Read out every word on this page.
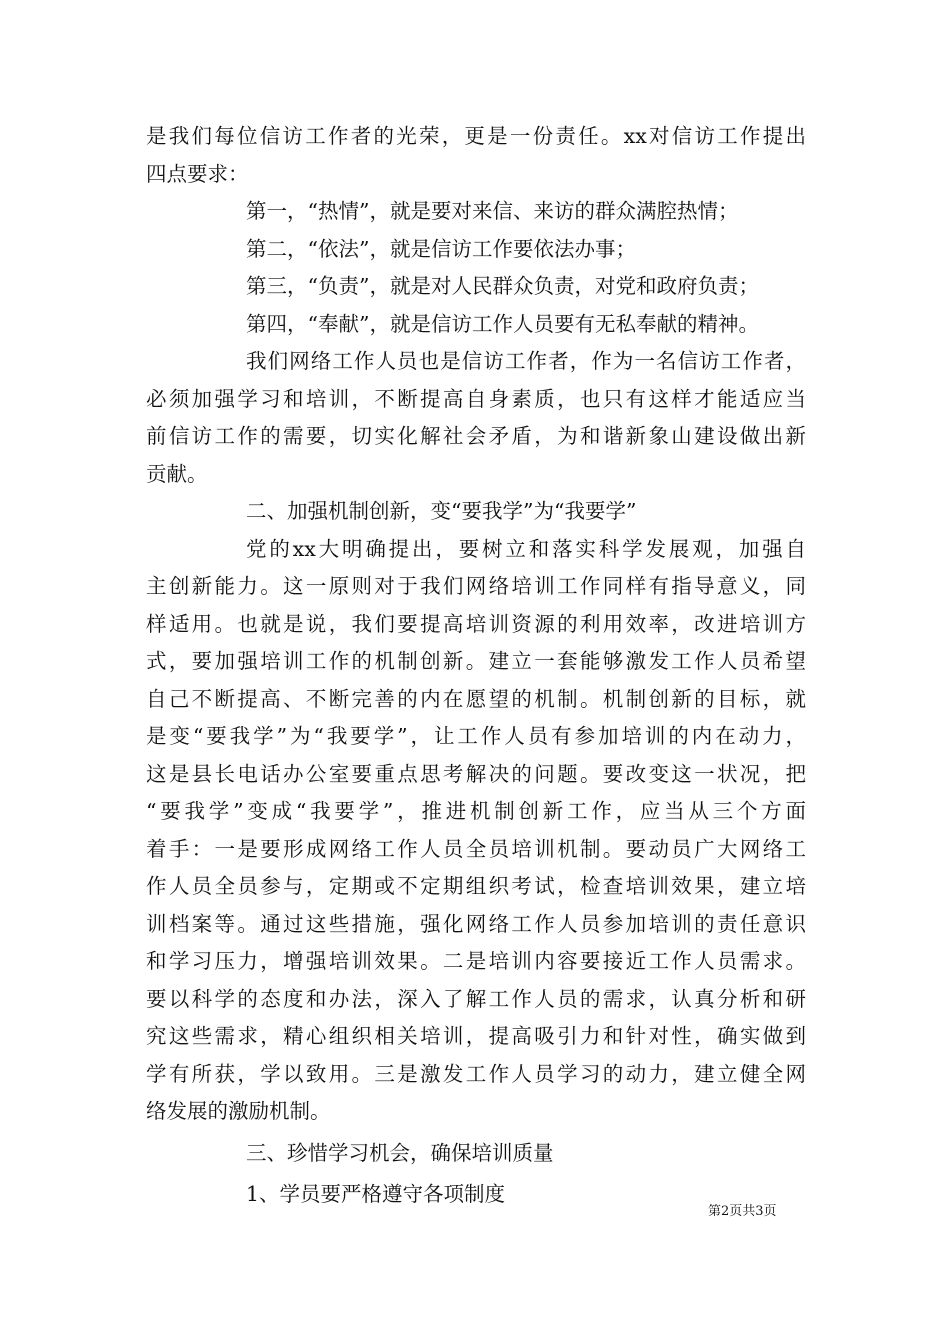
是我们每位信访工作者的光荣，更是一份责任。xx对信访工作提出
四点要求：
第一，“热情”，就是要对来信、来访的群众满腔热情；
第二，“依法”，就是信访工作要依法办事；
第三，“负责”，就是对人民群众负责，对党和政府负责；
第四，“奉献”，就是信访工作人员要有无私奉献的精神。
我们网络工作人员也是信访工作者，作为一名信访工作者，
必须加强学习和培训，不断提高自身素质，也只有这样才能适应当
前信访工作的需要，切实化解社会矛盾，为和谐新象山建设做出新
贡献。
二、加强机制创新，变“要我学”为“我要学”
党的xx大明确提出，要树立和落实科学发展观，加强自
主创新能力。这一原则对于我们网络培训工作同样有指导意义，同
样适用。也就是说，我们要提高培训资源的利用效率，改进培训方
式，要加强培训工作的机制创新。建立一套能够激发工作人员希望
自己不断提高、不断完善的内在愿望的机制。机制创新的目标，就
是变“要我学”为“我要学”，让工作人员有参加培训的内在动力，
这是县长电话办公室要重点思考解决的问题。要改变这一状况，把
“要我学”变成“我要学”，推进机制创新工作，应当从三个方面
着手：一是要形成网络工作人员全员培训机制。要动员广大网络工
作人员全员参与，定期或不定期组织考试，检查培训效果，建立培
训档案等。通过这些措施，强化网络工作人员参加培训的责任意识
和学习压力，增强培训效果。二是培训内容要接近工作人员需求。
要以科学的态度和办法，深入了解工作人员的需求，认真分析和研
究这些需求，精心组织相关培训，提高吸引力和针对性，确实做到
学有所获，学以致用。三是激发工作人员学习的动力，建立健全网
络发展的激励机制。
三、珍惜学习机会，确保培训质量
1、学员要严格遵守各项制度
第2页共3页
